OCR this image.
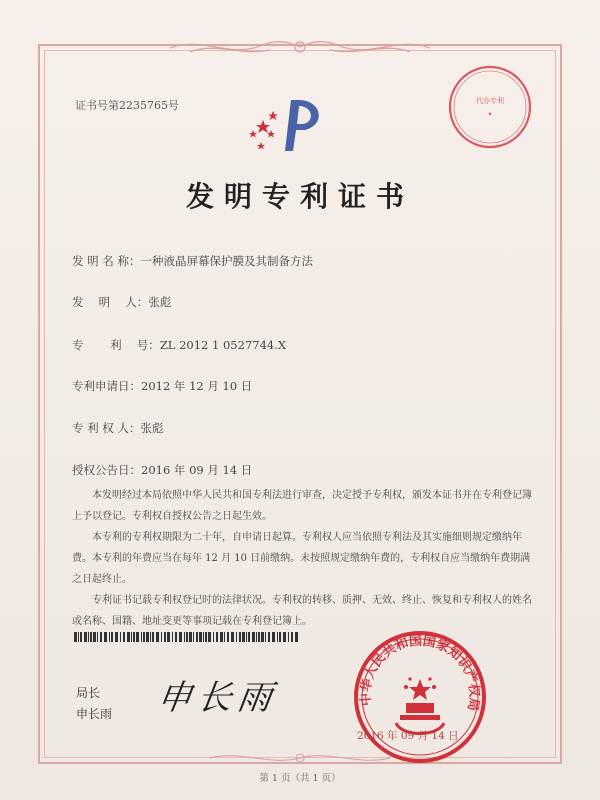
证书号第2235765号	代办专利
✦
发明专利证书
发 明 名 称：一种液晶屏幕保护膜及其制备方法
发　 明　 人：张彪
专　　 利　 号：ZL 2012 1 0527744.X
专利申请日：2012 年 12 月 10 日
专 利 权 人：张彪
授权公告日：2016 年 09 月 14 日

本发明经过本局依照中华人民共和国专利法进行审查，决定授予专利权，颁发本证书并在专利登记簿上予以登记。专利权自授权公告之日起生效。

本专利的专利权期限为二十年，自申请日起算。专利权人应当依照专利法及其实施细则规定缴纳年费。本专利的年费应当在每年 12 月 10 日前缴纳。未按照规定缴纳年费的，专利权自应当缴纳年费期满之日起终止。

专利证书记载专利权登记时的法律状况。专利权的转移、质押、无效、终止、恢复和专利权人的姓名或名称、国籍、地址变更等事项记载在专利登记簿上。

局长
申长雨 申长雨	中华人民共和国国家知识产权局
2016 年 09 月 14 日
第 1 页（共 1 页）
